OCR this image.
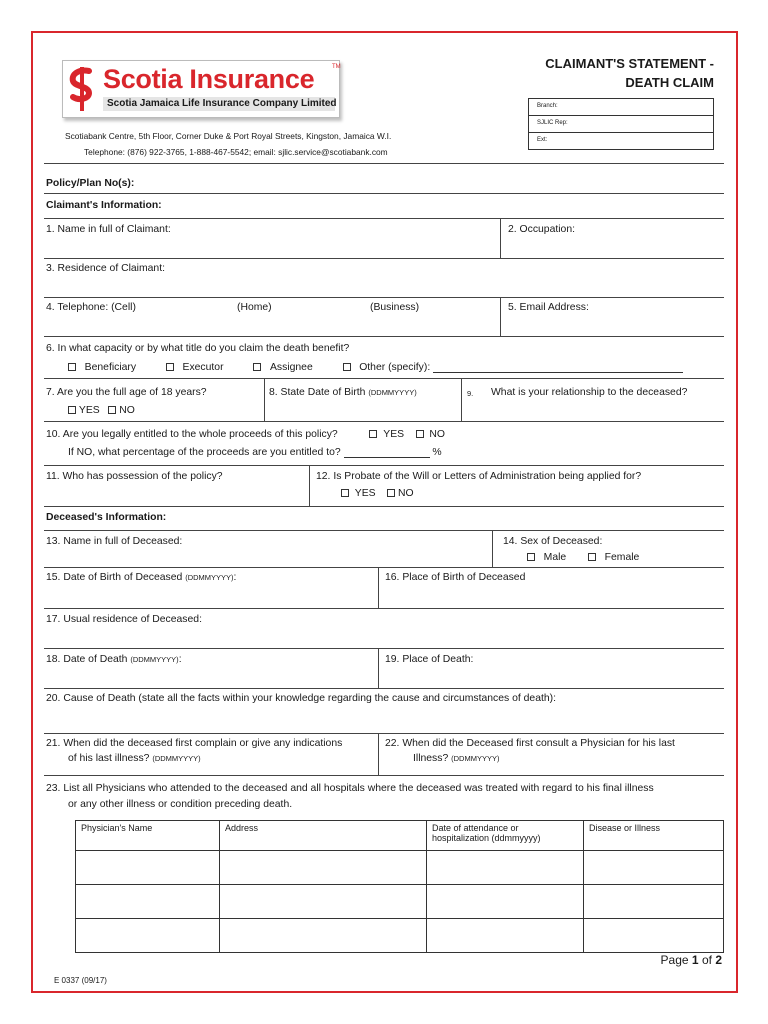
Scotia Insurance
Scotia Jamaica Life Insurance Company Limited
TM
Scotiabank Centre, 5th Floor, Corner Duke & Port Royal Streets, Kingston, Jamaica W.I.
Telephone: (876) 922-3765, 1-888-467-5542; email: sjlic.service@scotiabank.com
CLAIMANT'S STATEMENT -
DEATH CLAIM
Branch:
SJLIC Rep:
Ext:
Policy/Plan No(s):
Claimant's Information:
1. Name in full of Claimant:	2. Occupation:
3. Residence of Claimant:
4. Telephone: (Cell)	(Home)	(Business)	5. Email Address:
6. In what capacity or by what title do you claim the death benefit?
Beneficiary	Executor	Assignee	Other (specify):
7. Are you the full age of 18 years?
YES NO
8. State Date of Birth (DDMMYYYY)	9. What is your relationship to the deceased?
10. Are you legally entitled to the whole proceeds of this policy?	YES NO
If NO, what percentage of the proceeds are you entitled to?	%
11. Who has possession of the policy?	12. Is Probate of the Will or Letters of Administration being applied for?
YES NO
Deceased's Information:
13. Name in full of Deceased:	14. Sex of Deceased:
Male	Female
15. Date of Birth of Deceased (DDMMYYYY):	16. Place of Birth of Deceased
17. Usual residence of Deceased:
18. Date of Death (DDMMYYYY):	19. Place of Death:
20. Cause of Death (state all the facts within your knowledge regarding the cause and circumstances of death):
21. When did the deceased first complain or give any indications
of his last illness? (DDMMYYYY)
22. When did the Deceased first consult a Physician for his last
Illness? (DDMMYYYY)
23. List all Physicians who attended to the deceased and all hospitals where the deceased was treated with regard to his final illness
or any other illness or condition preceding death.
Physician's Name	Address	Date of attendance or hospitalization (ddmmyyyy)	Disease or Illness

Page 1 of 2
E 0337 (09/17)
